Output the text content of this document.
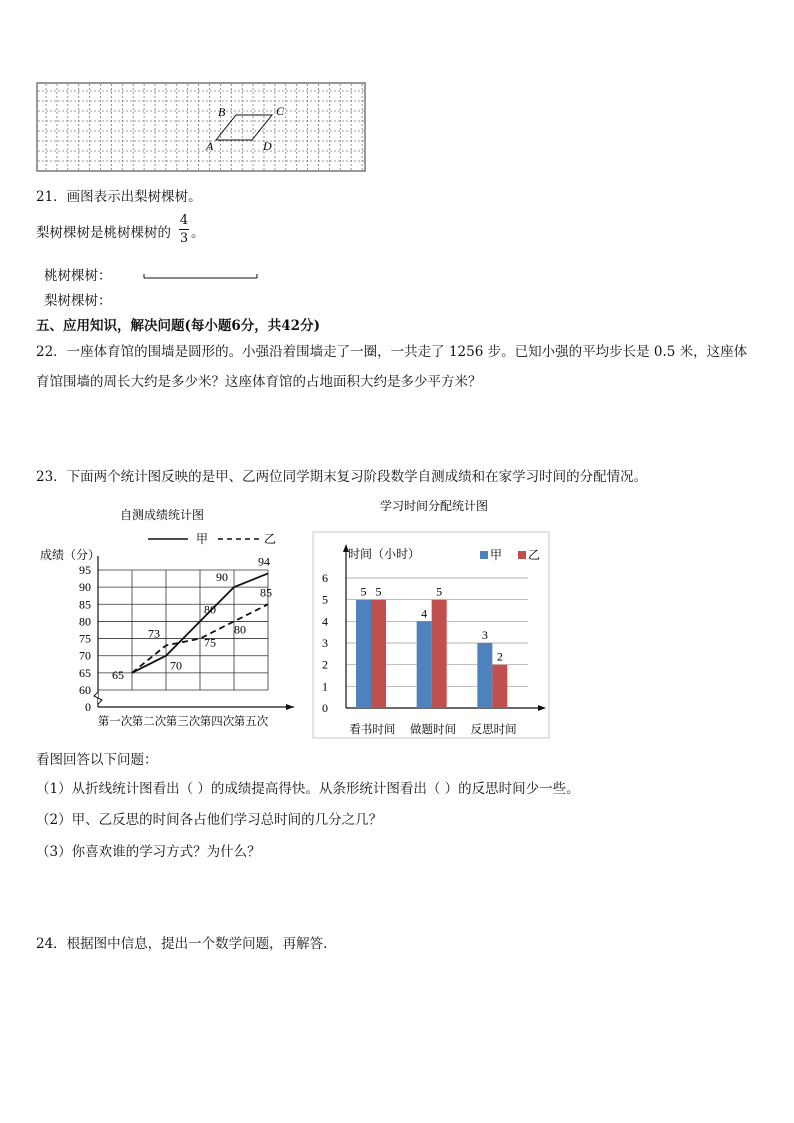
B	C
A	D
21．画图表示出梨树棵树。
梨树棵树是桃树棵树的
4
3 。
桃树棵树：
梨树棵树：
五、应用知识，解决问题(每小题6分，共42分)
22．一座体育馆的围墙是圆形的。小强沿着围墙走了一圈，一共走了 1256 步。已知小强的平均步长是 0.5 米，这座体
育馆围墙的周长大约是多少米？这座体育馆的占地面积大约是多少平方米？
23．下面两个统计图反映的是甲、乙两位同学期末复习阶段数学自测成绩和在家学习时间的分配情况。
自测成绩统计图
甲	乙
成绩（分）
0
60
65
70
75
80
85
90
95
第一次 第二次 第三次 第四次 第五次
65
70
80
90
94
73
75
80
85
学习时间分配统计图
时间（小时）	甲 乙
0
1
2
3
4
5
6
5 5
4
5
3
2
看书时间 做题时间 反思时间
看图回答以下问题：
（1）从折线统计图看出（ ）的成绩提高得快。从条形统计图看出（ ）的反思时间少一些。
（2）甲、乙反思的时间各占他们学习总时间的几分之几？
（3）你喜欢谁的学习方式？为什么？
24．根据图中信息，提出一个数学问题，再解答.
